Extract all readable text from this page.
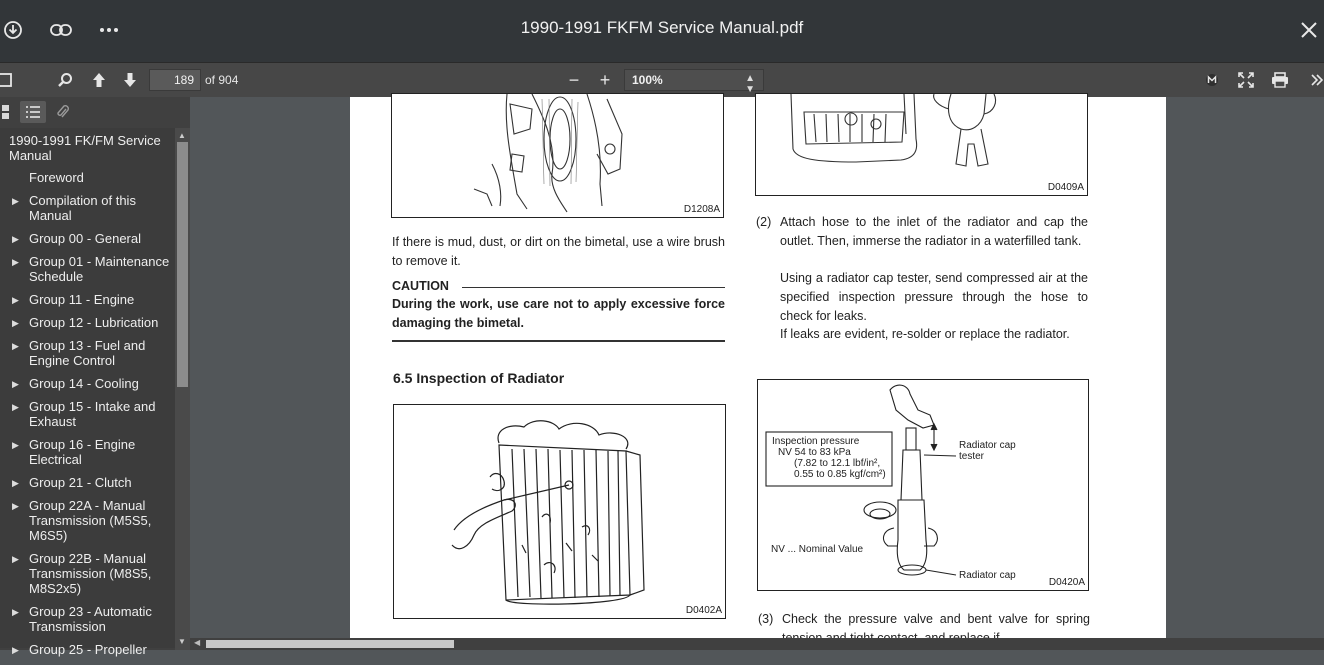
1990-1991 FKFM Service Manual.pdf
189 of 904	− +	100%	▲
▼
1990-1991 FK/FM Service Manual
Foreword
▶ Compilation of this Manual
▶ Group 00 - General
▶ Group 01 - Maintenance Schedule
▶ Group 11 - Engine
▶ Group 12 - Lubrication
▶ Group 13 - Fuel and Engine Control
▶ Group 14 - Cooling
▶ Group 15 - Intake and Exhaust
▶ Group 16 - Engine Electrical
▶ Group 21 - Clutch
▶ Group 22A - Manual Transmission (M5S5, M6S5)
▶ Group 22B - Manual Transmission (M8S5, M8S2x5)
▶ Group 23 - Automatic Transmission
▶ Group 25 - Propeller
▲
▼
D1208A
D0409A
If there is mud, dust, or dirt on the bimetal, use a wire brush to remove it.
CAUTION
During the work, use care not to apply excessive force damaging the bimetal.
6.5 Inspection of Radiator
D0402A
(2) Attach hose to the inlet of the radiator and cap the outlet. Then, immerse the radiator in a waterfilled tank.
Using a radiator cap tester, send compressed air at the specified inspection pressure through the hose to check for leaks.
If leaks are evident, re-solder or replace the radiator.
Inspection pressure
NV 54 to 83 kPa
(7.82 to 12.1 lbf/in²,
0.55 to 0.85 kgf/cm²)
Radiator cap tester
NV ... Nominal Value
Radiator cap
D0420A
(3) Check the pressure valve and bent valve for spring
◀
